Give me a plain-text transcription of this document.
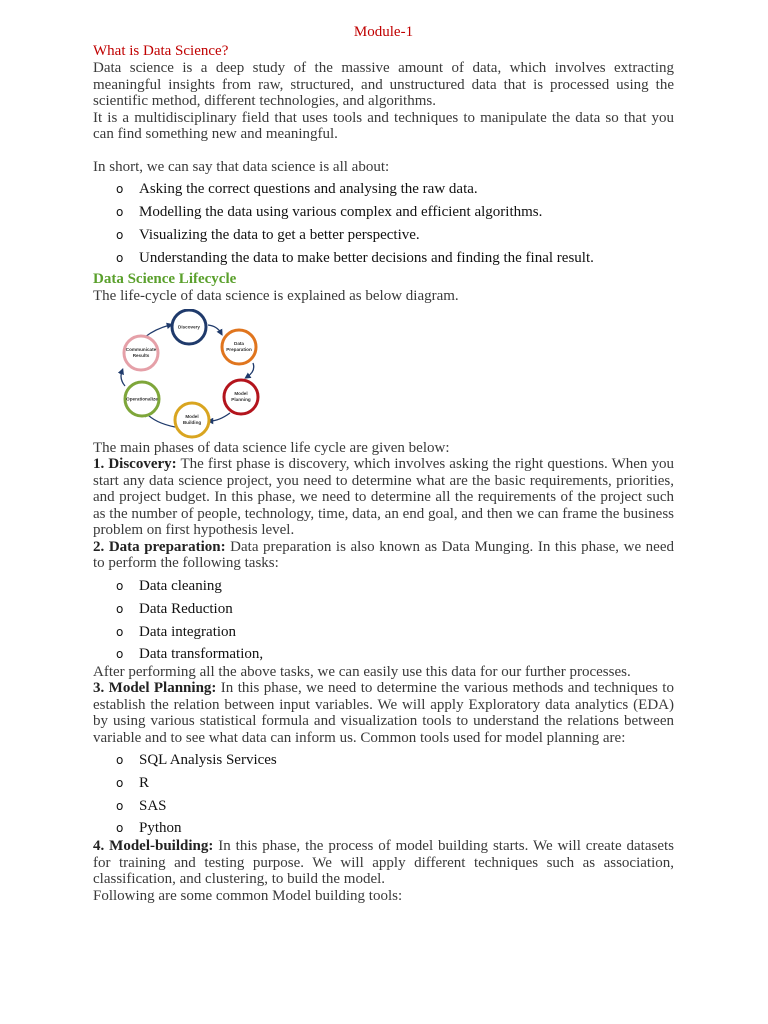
Module-1
What is Data Science?

Data science is a deep study of the massive amount of data, which involves extracting meaningful insights from raw, structured, and unstructured data that is processed using the scientific method, different technologies, and algorithms.

It is a multidisciplinary field that uses tools and techniques to manipulate the data so that you can find something new and meaningful.

In short, we can say that data science is all about:

o Asking the correct questions and analysing the raw data.
o Modelling the data using various complex and efficient algorithms.
o Visualizing the data to get a better perspective.
o Understanding the data to make better decisions and finding the final result.
Data Science Lifecycle

The life-cycle of data science is explained as below diagram.

Discovery
Data
Preparation
Model
Planning
Model
Building
Operationalize
Communicate
Results

The main phases of data science life cycle are given below:

1. Discovery: The first phase is discovery, which involves asking the right questions. When you start any data science project, you need to determine what are the basic requirements, priorities, and project budget. In this phase, we need to determine all the requirements of the project such as the number of people, technology, time, data, an end goal, and then we can frame the business problem on first hypothesis level.

2. Data preparation: Data preparation is also known as Data Munging. In this phase, we need to perform the following tasks:

o Data cleaning
o Data Reduction
o Data integration
o Data transformation,

After performing all the above tasks, we can easily use this data for our further processes.

3. Model Planning: In this phase, we need to determine the various methods and techniques to establish the relation between input variables. We will apply Exploratory data analytics (EDA) by using various statistical formula and visualization tools to understand the relations between variable and to see what data can inform us. Common tools used for model planning are:

o SQL Analysis Services
o R
o SAS
o Python

4. Model-building: In this phase, the process of model building starts. We will create datasets for training and testing purpose. We will apply different techniques such as association, classification, and clustering, to build the model.

Following are some common Model building tools:
